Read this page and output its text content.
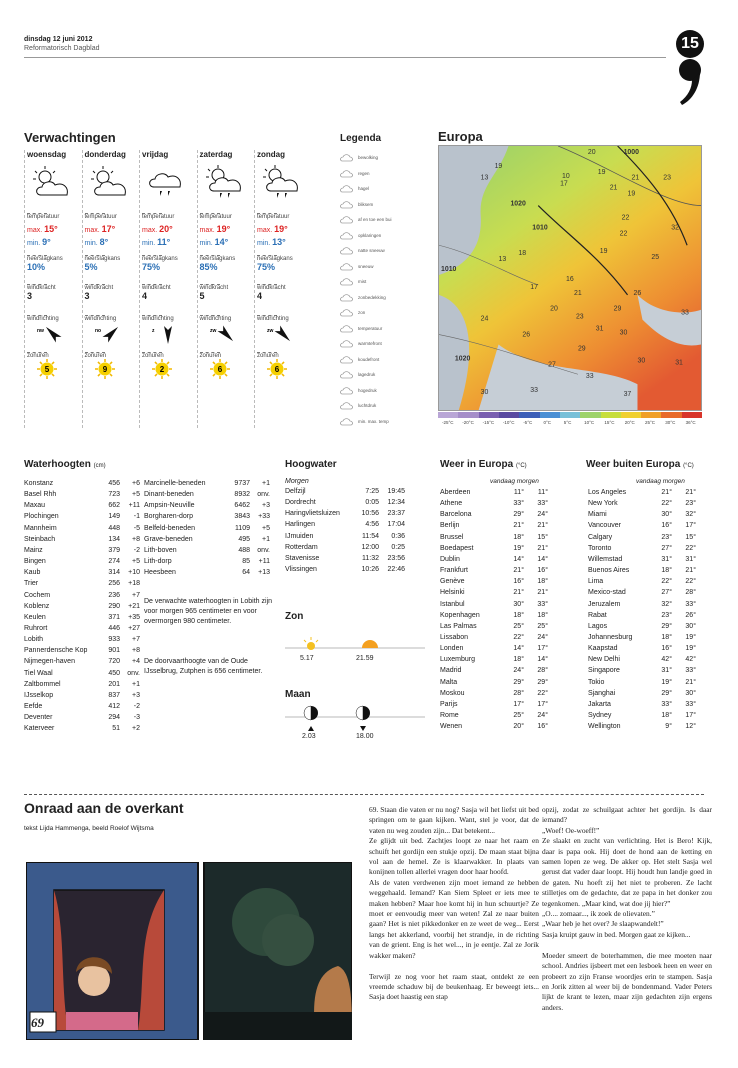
dinsdag 12 juni 2012
Reformatorisch Dagblad	15
Verwachtingen
woensdag
temperatuur
max. 15°
min. 9°
neerslagkans
10%
windkracht
3
windrichting
nw
zonuren
5
donderdag
temperatuur
max. 17°
min. 8°
neerslagkans
5%
windkracht
3
windrichting
no
zonuren
9
vrijdag
temperatuur
max. 20°
min. 11°
neerslagkans
75%
windkracht
4
windrichting
z
zonuren
2
zaterdag
temperatuur
max. 19°
min. 14°
neerslagkans
85%
windkracht
5
windrichting
zw
zonuren
6
zondag
temperatuur
max. 19°
min. 13°
neerslagkans
75%
windkracht
4
windrichting
zw
zonuren
6
Legenda
bewolking
regen
hagel
bliksem
af en toe een bui
opklaringen
natte sneeuw
sneeuw
mist
zonbedekking
zon
temperatuur
warmtefront
koudefront
lagedruk
hogedruk
luchtdruk
min. max. temp
Europa
1000
1020
1010
1010
1020
13
19
20
17
10
19
21	23
21
19
22
32
22
19
25
16
17
13
18
20
21
23
29
26
24
26
31
30
33
29
27
30	33
33
30
37
31
-25°C -20°C -15°C -10°C -5°C	0°C	5°C	10°C 15°C 20°C 25°C 30°C 36°C
Waterhoogten (cm)
Konstanz	456	+6
Basel Rhh	723	+5
Maxau	662	+11
Plochingen	149	-1
Mannheim	448	-5
Steinbach	134	+8
Mainz	379	-2
Bingen	274	+5
Kaub	314	+10
Trier	256	+18
Cochem	236	+7
Koblenz	290	+21
Keulen	371	+35
Ruhrort	446	+27
Lobith	933	+7
Pannerdensche Kop	901	+8
Nijmegen-haven	720	+4
Tiel Waal	450	onv.
Zaltbommel	201	+1
IJsselkop	837	+3
Eefde	412	-2
Deventer	294	-3
Katerveer	51	+2
Marcinelle-beneden	9737	+1
Dinant-beneden	8932	onv.
Ampsin-Neuville	6462	+3
Borgharen-dorp	3843	+33
Belfeld-beneden	1109	+5
Grave-beneden	495	+1
Lith-boven	488	onv.
Lith-dorp	85	+11
Heesbeen	64	+13
De verwachte waterhoogten in Lobith zijn voor morgen 965 centimeter en voor overmorgen 980 centimeter.
De doorvaarthoogte van de Oude IJsselbrug, Zutphen is 656 centimeter.
Hoogwater
Morgen
Delfzijl	7:25	19:45
Dordrecht	0:05	12:34
Haringvlietsluizen	10:56	23:37
Harlingen	4:56	17:04
IJmuiden	11:54	0:36
Rotterdam	12:00	0:25
Stavenisse	11:32	23:56
Vlissingen	10:26	22:46
Zon
5.17	21.59
Maan
2.03	18.00
Weer in Europa (°C)
vandaag morgen
Aberdeen	11°	11°
Athene	33°	33°
Barcelona	29°	24°
Berlijn	21°	21°
Brussel	18°	15°
Boedapest	19°	21°
Dublin	14°	14°
Frankfurt	21°	16°
Genève	16°	18°
Helsinki	21°	21°
Istanbul	30°	33°
Kopenhagen	18°	18°
Las Palmas	25°	25°
Lissabon	22°	24°
Londen	14°	17°
Luxemburg	18°	14°
Madrid	24°	28°
Malta	29°	29°
Moskou	28°	22°
Parijs	17°	17°
Rome	25°	24°
Wenen	20°	16°
Weer buiten Europa (°C)
vandaag morgen
Los Angeles	21°	21°
New York	22°	23°
Miami	30°	32°
Vancouver	16°	17°
Calgary	23°	15°
Toronto	27°	22°
Willemstad	31°	31°
Buenos Aires	18°	21°
Lima	22°	22°
Mexico-stad	27°	28°
Jeruzalem	32°	33°
Rabat	23°	26°
Lagos	29°	30°
Johannesburg	18°	19°
Kaapstad	16°	19°
New Delhi	42°	42°
Singapore	31°	33°
Tokio	19°	21°
Sjanghai	29°	30°
Jakarta	33°	33°
Sydney	18°	17°
Wellington	9°	12°
Onraad aan de overkant
tekst Lijda Hammenga, beeld Roelof Wijtsma
69
69. Staan die vaten er nu nog? Sasja wil het liefst uit bed springen om te gaan kijken. Want, stel je voor, dat de vaten nu weg zouden zijn... Dat betekent...
Ze glijdt uit bed. Zachtjes loopt ze naar het raam en schuift het gordijn een stukje opzij. De maan staat bijna vol aan de hemel. Ze is klaarwakker. In plaats van konijnen tollen allerlei vragen door haar hoofd.
Als de vaten verdwenen zijn moet iemand ze hebben weggehaald. Iemand? Kan Siem Spleet er iets mee te maken hebben? Maar hoe komt hij in hun schuurtje? Ze moet er eenvoudig meer van weten! Zal ze naar buiten gaan? Het is niet pikkedonker en ze weet de weg... Eerst langs het akkerland, voorbij het strandje, in de richting van de grient. Eng is het wel..., in je eentje. Zal ze Jorik wakker maken?

Terwijl ze nog voor het raam staat, ontdekt ze een vreemde schaduw bij de beukenhaag. Er beweegt iets... Sasja doet haastig een stap
opzij, zodat ze schuilgaat achter het gordijn. Is daar iemand?
„Woef! Oe-woeff!”
Ze slaakt en zucht van verlichting. Het is Bero! Kijk, daar is papa ook. Hij doet de hond aan de ketting en samen lopen ze weg. De akker op. Het stelt Sasja wel gerust dat vader daar loopt. Hij houdt hun landje goed in de gaten. Nu hoeft zij het niet te proberen. Ze lacht stilletjes om de gedachte, dat ze papa in het donker zou tegenkomen. „Maar kind, wat doe jij hier?”
„O.... zomaar..., ik zoek de olievaten.”
„Waar heb je het over? Je slaapwandelt!”
Sasja kruipt gauw in bed. Morgen gaat ze kijken...

Moeder smeert de boterhammen, die mee moeten naar school. Andries ijsbeert met een lesboek heen en weer en probeert zo zijn Franse woordjes erin te stampen. Sasja en Jorik zitten al weer bij de bondenmand. Vader Peters lijkt de krant te lezen, maar zijn gedachten zijn ergens anders.
